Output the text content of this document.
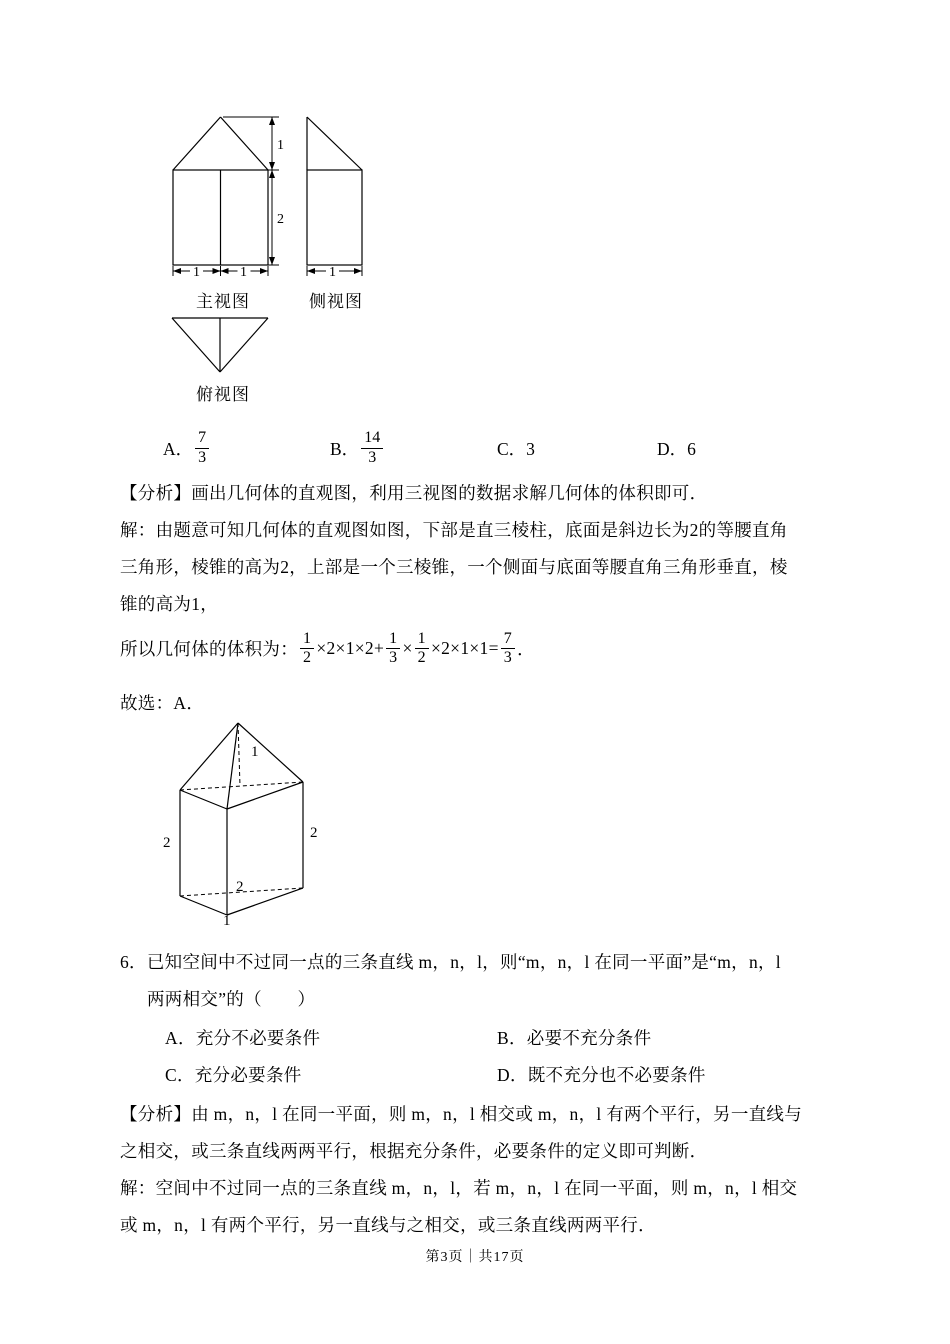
1
2
1	1	1
主视图	侧视图
俯视图
A． $\frac{7}{3}$	B． $\frac{14}{3}$	C．3	D．6
【分析】画出几何体的直观图，利用三视图的数据求解几何体的体积即可．
解：由题意可知几何体的直观图如图，下部是直三棱柱，底面是斜边长为2的等腰直角
三角形，棱锥的高为2，上部是一个三棱锥，一个侧面与底面等腰直角三角形垂直，棱
锥的高为1，
所以几何体的体积为： $\frac{1}{2} \times 2\times 1\times 2+ \frac{1}{3} \times \frac{1}{2} \times 2\times 1\times 1= \frac{7}{3}$ ．
故选：A．
1
2
2
2
1
6．已知空间中不过同一点的三条直线 m，n，l，则“m，n，l 在同一平面”是“m，n，l
两两相交”的（　　）
A．充分不必要条件	B．必要不充分条件
C．充分必要条件	D．既不充分也不必要条件
【分析】由 m，n，l 在同一平面，则 m，n，l 相交或 m，n，l 有两个平行，另一直线与
之相交，或三条直线两两平行，根据充分条件，必要条件的定义即可判断．
解：空间中不过同一点的三条直线 m，n，l，若 m，n，l 在同一平面，则 m，n，l 相交
或 m，n，l 有两个平行，另一直线与之相交，或三条直线两两平行．
第3页｜共17页
